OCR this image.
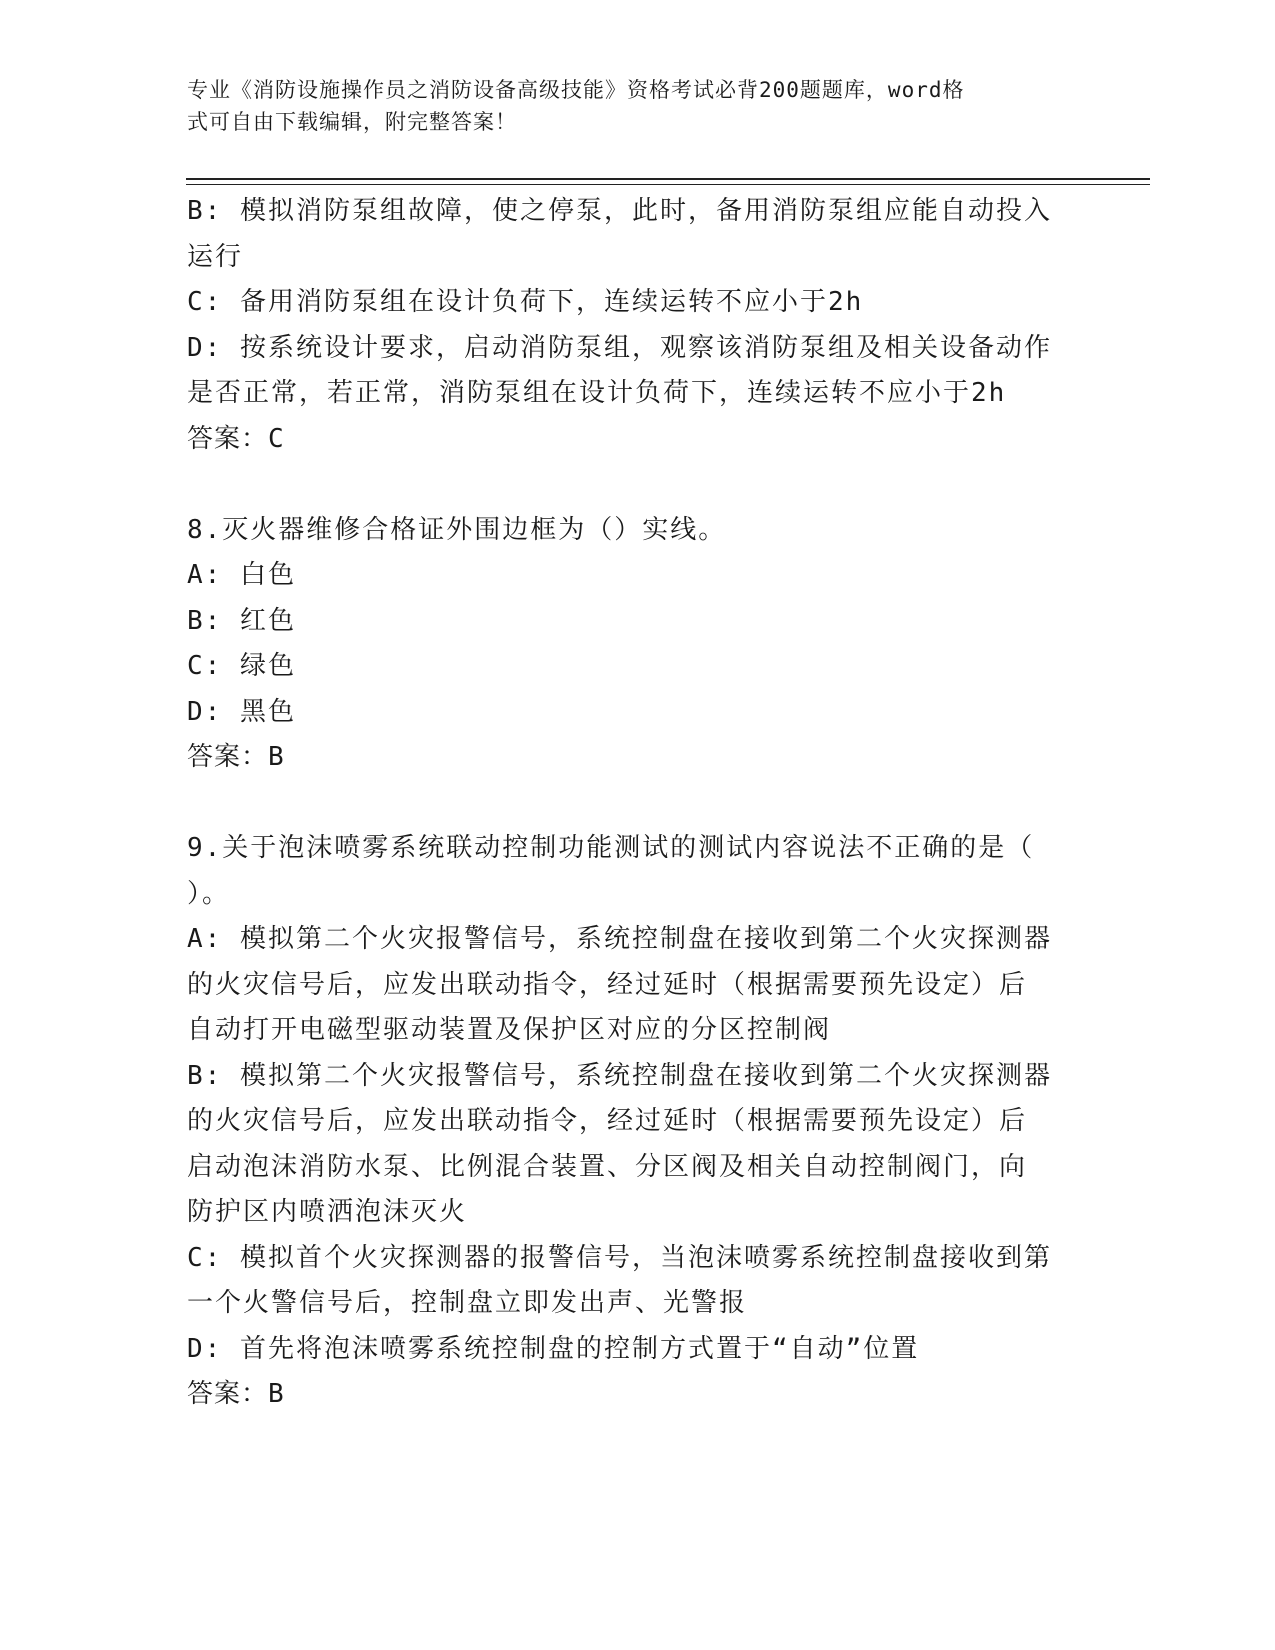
专业《消防设施操作员之消防设备高级技能》资格考试必背200题题库，word格
式可自由下载编辑，附完整答案！
B: 模拟消防泵组故障，使之停泵，此时，备用消防泵组应能自动投入
运行
C: 备用消防泵组在设计负荷下，连续运转不应小于2h
D: 按系统设计要求，启动消防泵组，观察该消防泵组及相关设备动作
是否正常，若正常，消防泵组在设计负荷下，连续运转不应小于2h
答案：C
8.灭火器维修合格证外围边框为（）实线。
A: 白色
B: 红色
C: 绿色
D: 黑色
答案：B
9.关于泡沫喷雾系统联动控制功能测试的测试内容说法不正确的是（
）。
A: 模拟第二个火灾报警信号，系统控制盘在接收到第二个火灾探测器
的火灾信号后，应发出联动指令，经过延时（根据需要预先设定）后
自动打开电磁型驱动装置及保护区对应的分区控制阀
B: 模拟第二个火灾报警信号，系统控制盘在接收到第二个火灾探测器
的火灾信号后，应发出联动指令，经过延时（根据需要预先设定）后
启动泡沫消防水泵、比例混合装置、分区阀及相关自动控制阀门，向
防护区内喷洒泡沫灭火
C: 模拟首个火灾探测器的报警信号，当泡沫喷雾系统控制盘接收到第
一个火警信号后，控制盘立即发出声、光警报
D: 首先将泡沫喷雾系统控制盘的控制方式置于“自动”位置
答案：B
